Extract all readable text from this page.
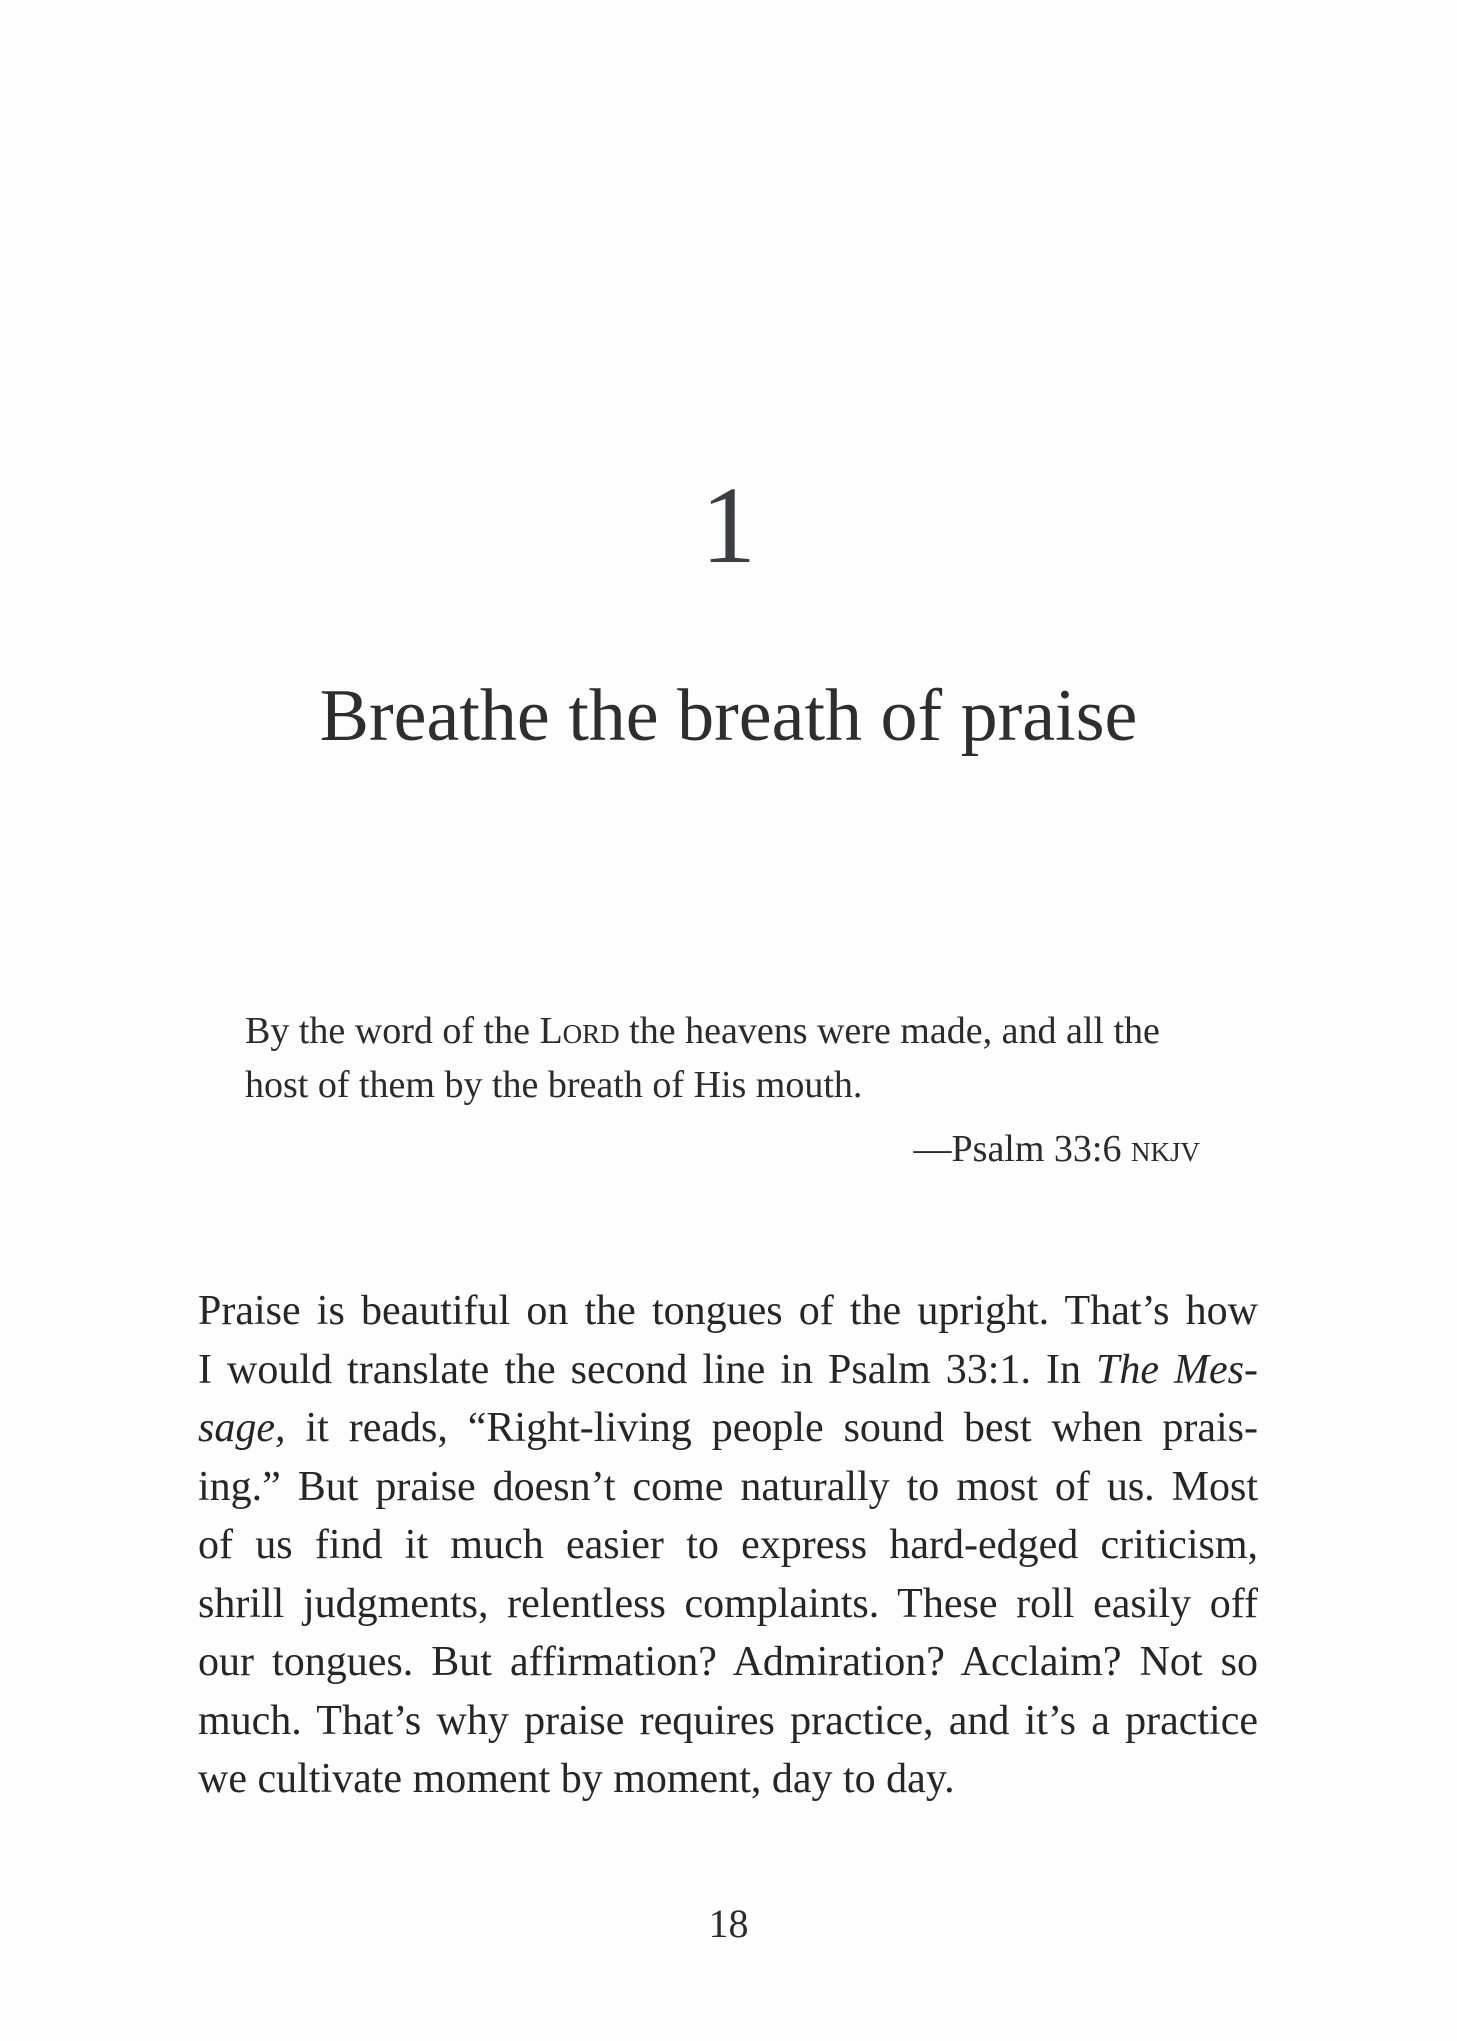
1
Breathe the breath of praise

By the word of the Lord the heavens were made, and all the host of them by the breath of His mouth.

—Psalm 33:6 nkjv

Praise is beautiful on the tongues of the upright. That’s how
I would translate the second line in Psalm 33:1. In The Mes-
sage, it reads, “Right-living people sound best when prais-
ing.” But praise doesn’t come naturally to most of us. Most
of us find it much easier to express hard-edged criticism,
shrill judgments, relentless complaints. These roll easily off
our tongues. But affirmation? Admiration? Acclaim? Not so
much. That’s why praise requires practice, and it’s a practice
we cultivate moment by moment, day to day.

18
